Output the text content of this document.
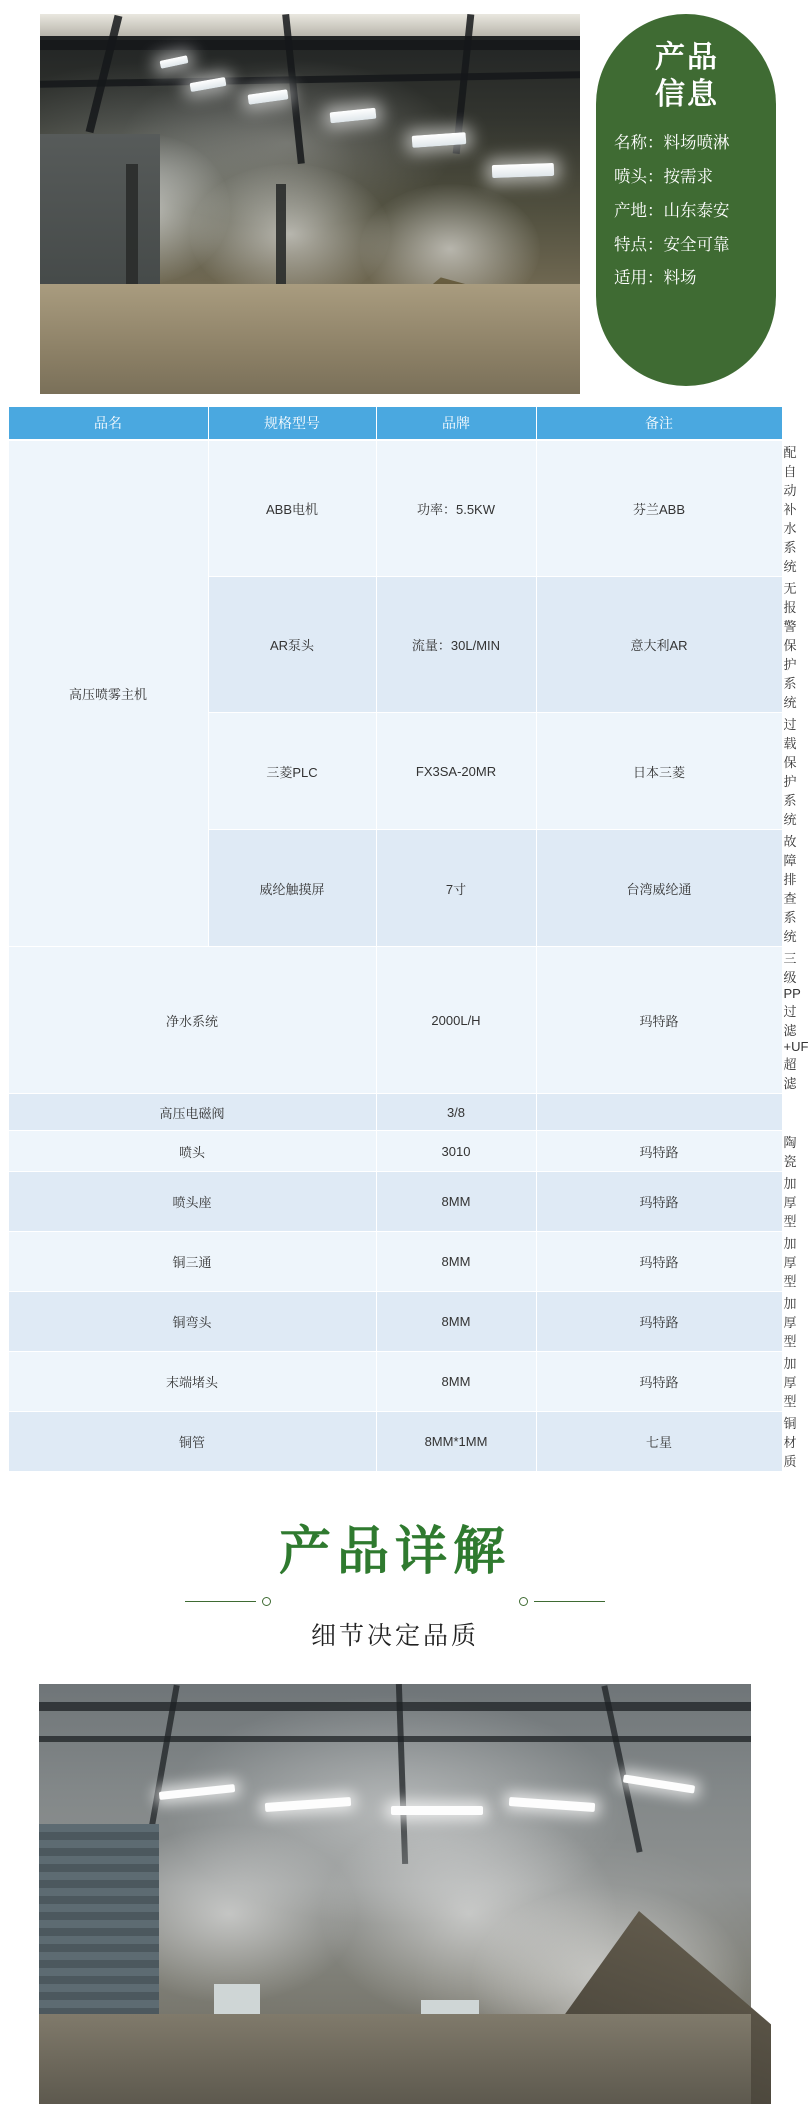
产品
信息
名称：料场喷淋
喷头：按需求
产地：山东泰安
特点：安全可靠
适用：料场
品名	规格型号	品牌	备注
高压喷雾主机	ABB电机	功率：5.5KW	芬兰ABB	配自动补水系统
	AR泵头	流量：30L/MIN	意大利AR	无报警保护系统
	三菱PLC	FX3SA-20MR	日本三菱	过载保护系统
	威纶触摸屏	7寸	台湾威纶通	故障排查系统
净水系统		2000L/H	玛特路	三级PP过滤+UF超滤
高压电磁阀		3/8		
喷头		3010	玛特路	陶瓷
喷头座		8MM	玛特路	加厚型
铜三通		8MM	玛特路	加厚型
铜弯头		8MM	玛特路	加厚型
末端堵头		8MM	玛特路	加厚型
铜管		8MM*1MM	七星	铜材质
产品详解
细节决定品质
